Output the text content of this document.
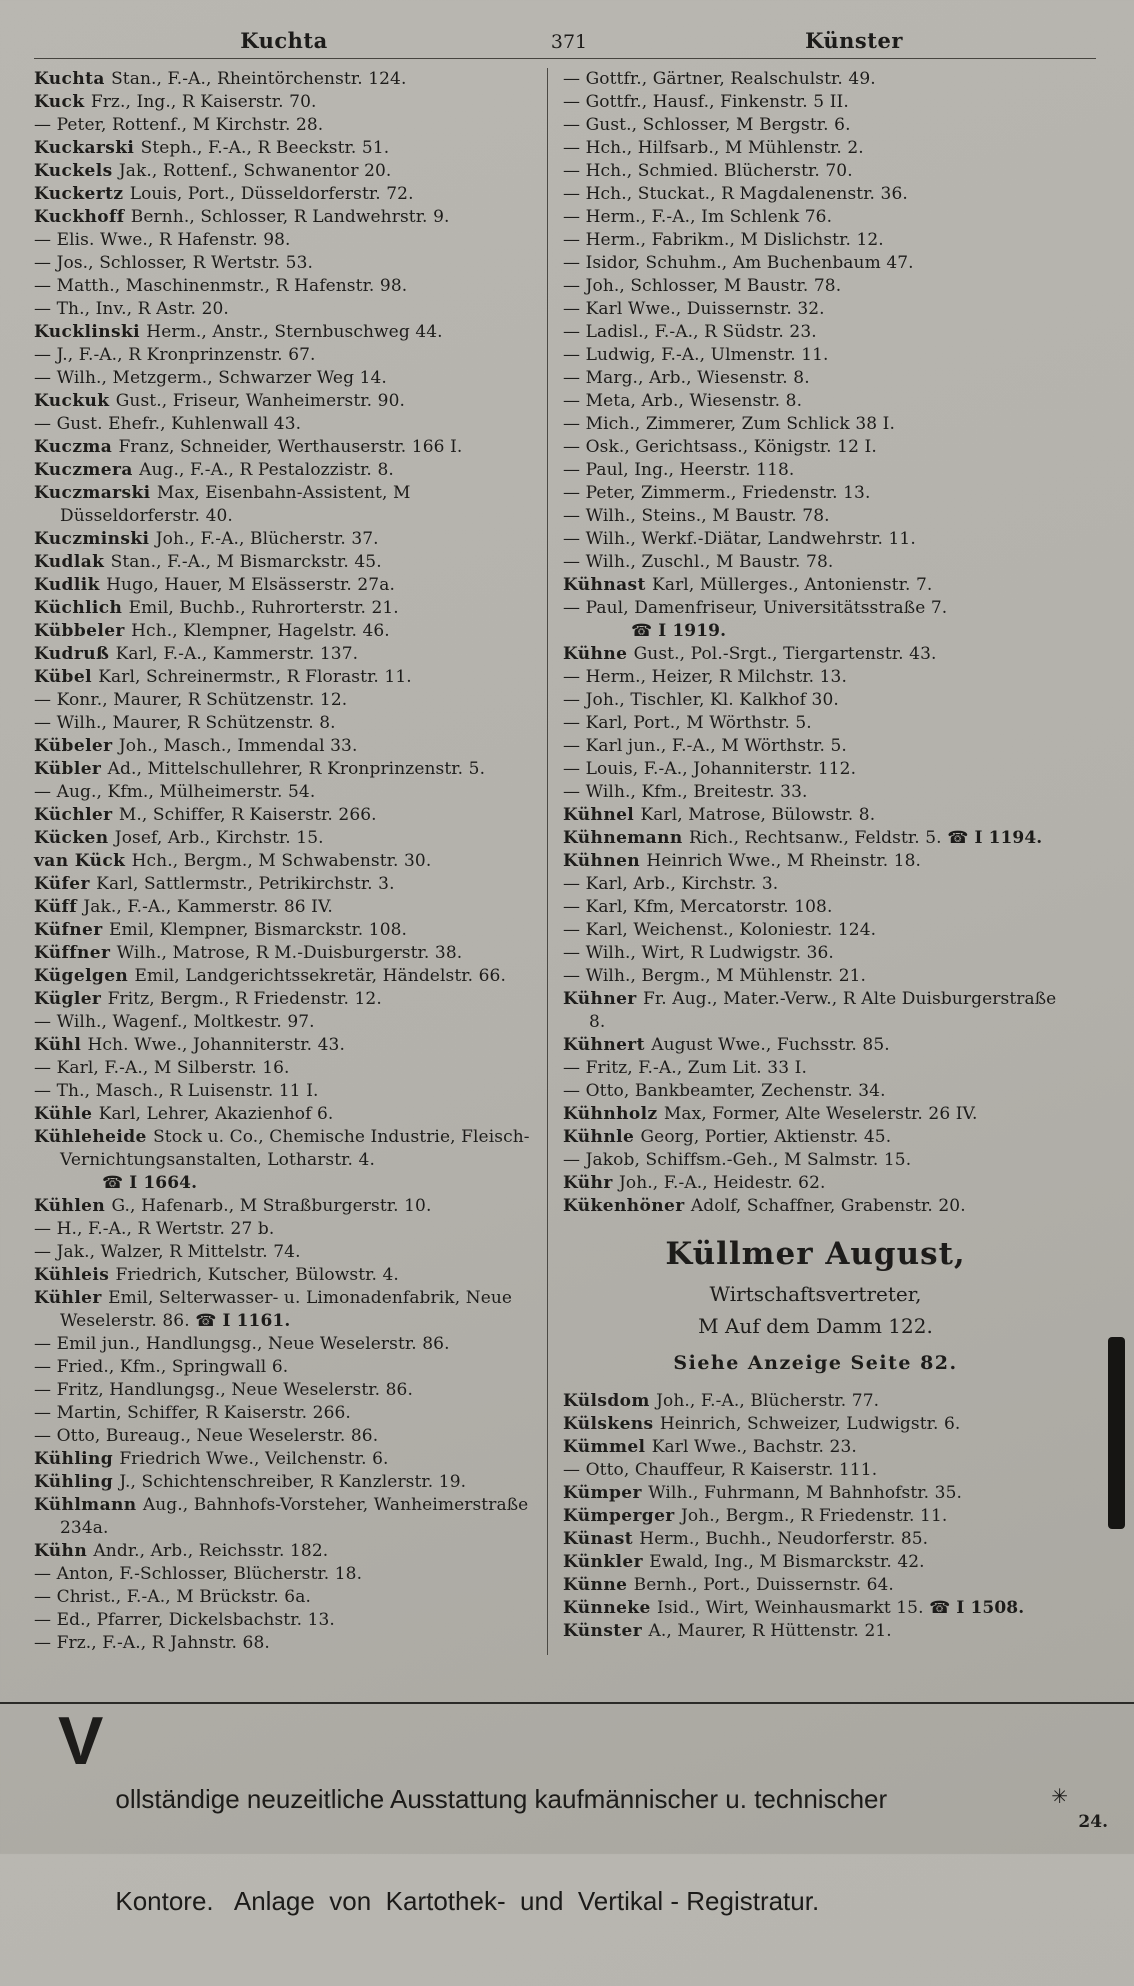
Kuchta	371	Künster
Kuchta Stan., F.-A., Rheintörchenstr. 124.
Kuck Frz., Ing., R Kaiserstr. 70.
— Peter, Rottenf., M Kirchstr. 28.
Kuckarski Steph., F.-A., R Beeckstr. 51.
Kuckels Jak., Rottenf., Schwanentor 20.
Kuckertz Louis, Port., Düsseldorferstr. 72.
Kuckhoff Bernh., Schlosser, R Landwehrstr. 9.
— Elis. Wwe., R Hafenstr. 98.
— Jos., Schlosser, R Wertstr. 53.
— Matth., Maschinenmstr., R Hafenstr. 98.
— Th., Inv., R Astr. 20.
Kucklinski Herm., Anstr., Sternbuschweg 44.
— J., F.-A., R Kronprinzenstr. 67.
— Wilh., Metzgerm., Schwarzer Weg 14.
Kuckuk Gust., Friseur, Wanheimerstr. 90.
— Gust. Ehefr., Kuhlenwall 43.
Kuczma Franz, Schneider, Werthauserstr. 166 I.
Kuczmera Aug., F.-A., R Pestalozzistr. 8.
Kuczmarski Max, Eisenbahn-Assistent, M Düsseldorferstr. 40.
Kuczminski Joh., F.-A., Blücherstr. 37.
Kudlak Stan., F.-A., M Bismarckstr. 45.
Kudlik Hugo, Hauer, M Elsässerstr. 27a.
Küchlich Emil, Buchb., Ruhrorterstr. 21.
Kübbeler Hch., Klempner, Hagelstr. 46.
Kudruß Karl, F.-A., Kammerstr. 137.
Kübel Karl, Schreinermstr., R Florastr. 11.
— Konr., Maurer, R Schützenstr. 12.
— Wilh., Maurer, R Schützenstr. 8.
Kübeler Joh., Masch., Immendal 33.
Kübler Ad., Mittelschullehrer, R Kronprinzenstr. 5.
— Aug., Kfm., Mülheimerstr. 54.
Küchler M., Schiffer, R Kaiserstr. 266.
Kücken Josef, Arb., Kirchstr. 15.
van Kück Hch., Bergm., M Schwabenstr. 30.
Küfer Karl, Sattlermstr., Petrikirchstr. 3.
Küff Jak., F.-A., Kammerstr. 86 IV.
Küfner Emil, Klempner, Bismarckstr. 108.
Küffner Wilh., Matrose, R M.-Duisburgerstr. 38.
Kügelgen Emil, Landgerichtssekretär, Händelstr. 66.
Kügler Fritz, Bergm., R Friedenstr. 12.
— Wilh., Wagenf., Moltkestr. 97.
Kühl Hch. Wwe., Johanniterstr. 43.
— Karl, F.-A., M Silberstr. 16.
— Th., Masch., R Luisenstr. 11 I.
Kühle Karl, Lehrer, Akazienhof 6.
Kühleheide Stock u. Co., Chemische Industrie, Fleisch-Vernichtungsanstalten, Lotharstr. 4.
☎ I 1664.
Kühlen G., Hafenarb., M Straßburgerstr. 10.
— H., F.-A., R Wertstr. 27 b.
— Jak., Walzer, R Mittelstr. 74.
Kühleis Friedrich, Kutscher, Bülowstr. 4.
Kühler Emil, Selterwasser- u. Limonadenfabrik, Neue Weselerstr. 86. ☎ I 1161.
— Emil jun., Handlungsg., Neue Weselerstr. 86.
— Fried., Kfm., Springwall 6.
— Fritz, Handlungsg., Neue Weselerstr. 86.
— Martin, Schiffer, R Kaiserstr. 266.
— Otto, Bureaug., Neue Weselerstr. 86.
Kühling Friedrich Wwe., Veilchenstr. 6.
Kühling J., Schichtenschreiber, R Kanzlerstr. 19.
Kühlmann Aug., Bahnhofs-Vorsteher, Wanheimerstraße 234a.
Kühn Andr., Arb., Reichsstr. 182.
— Anton, F.-Schlosser, Blücherstr. 18.
— Christ., F.-A., M Brückstr. 6a.
— Ed., Pfarrer, Dickelsbachstr. 13.
— Frz., F.-A., R Jahnstr. 68.
— Gottfr., Gärtner, Realschulstr. 49.
— Gottfr., Hausf., Finkenstr. 5 II.
— Gust., Schlosser, M Bergstr. 6.
— Hch., Hilfsarb., M Mühlenstr. 2.
— Hch., Schmied. Blücherstr. 70.
— Hch., Stuckat., R Magdalenenstr. 36.
— Herm., F.-A., Im Schlenk 76.
— Herm., Fabrikm., M Dislichstr. 12.
— Isidor, Schuhm., Am Buchenbaum 47.
— Joh., Schlosser, M Baustr. 78.
— Karl Wwe., Duissernstr. 32.
— Ladisl., F.-A., R Südstr. 23.
— Ludwig, F.-A., Ulmenstr. 11.
— Marg., Arb., Wiesenstr. 8.
— Meta, Arb., Wiesenstr. 8.
— Mich., Zimmerer, Zum Schlick 38 I.
— Osk., Gerichtsass., Königstr. 12 I.
— Paul, Ing., Heerstr. 118.
— Peter, Zimmerm., Friedenstr. 13.
— Wilh., Steins., M Baustr. 78.
— Wilh., Werkf.-Diätar, Landwehrstr. 11.
— Wilh., Zuschl., M Baustr. 78.
Kühnast Karl, Müllerges., Antonienstr. 7.
— Paul, Damenfriseur, Universitätsstraße 7.
☎ I 1919.
Kühne Gust., Pol.-Srgt., Tiergartenstr. 43.
— Herm., Heizer, R Milchstr. 13.
— Joh., Tischler, Kl. Kalkhof 30.
— Karl, Port., M Wörthstr. 5.
— Karl jun., F.-A., M Wörthstr. 5.
— Louis, F.-A., Johanniterstr. 112.
— Wilh., Kfm., Breitestr. 33.
Kühnel Karl, Matrose, Bülowstr. 8.
Kühnemann Rich., Rechtsanw., Feldstr. 5. ☎ I 1194.
Kühnen Heinrich Wwe., M Rheinstr. 18.
— Karl, Arb., Kirchstr. 3.
— Karl, Kfm, Mercatorstr. 108.
— Karl, Weichenst., Koloniestr. 124.
— Wilh., Wirt, R Ludwigstr. 36.
— Wilh., Bergm., M Mühlenstr. 21.
Kühner Fr. Aug., Mater.-Verw., R Alte Duisburgerstraße 8.
Kühnert August Wwe., Fuchsstr. 85.
— Fritz, F.-A., Zum Lit. 33 I.
— Otto, Bankbeamter, Zechenstr. 34.
Kühnholz Max, Former, Alte Weselerstr. 26 IV.
Kühnle Georg, Portier, Aktienstr. 45.
— Jakob, Schiffsm.-Geh., M Salmstr. 15.
Kühr Joh., F.-A., Heidestr. 62.
Kükenhöner Adolf, Schaffner, Grabenstr. 20.
Küllmer August,
Wirtschaftsvertreter,
M Auf dem Damm 122.
Siehe Anzeige Seite 82.
Külsdom Joh., F.-A., Blücherstr. 77.
Külskens Heinrich, Schweizer, Ludwigstr. 6.
Kümmel Karl Wwe., Bachstr. 23.
— Otto, Chauffeur, R Kaiserstr. 111.
Kümper Wilh., Fuhrmann, M Bahnhofstr. 35.
Kümperger Joh., Bergm., R Friedenstr. 11.
Künast Herm., Buchh., Neudorferstr. 85.
Künkler Ewald, Ing., M Bismarckstr. 42.
Künne Bernh., Port., Duissernstr. 64.
Künneke Isid., Wirt, Weinhausmarkt 15. ☎ I 1508.
Künster A., Maurer, R Hüttenstr. 21.
V

ollständige neuzeitliche Ausstattung kaufmännischer u. technischer

Kontore.   Anlage  von  Kartothek-  und  Vertikal - Registratur.

✳
24.
